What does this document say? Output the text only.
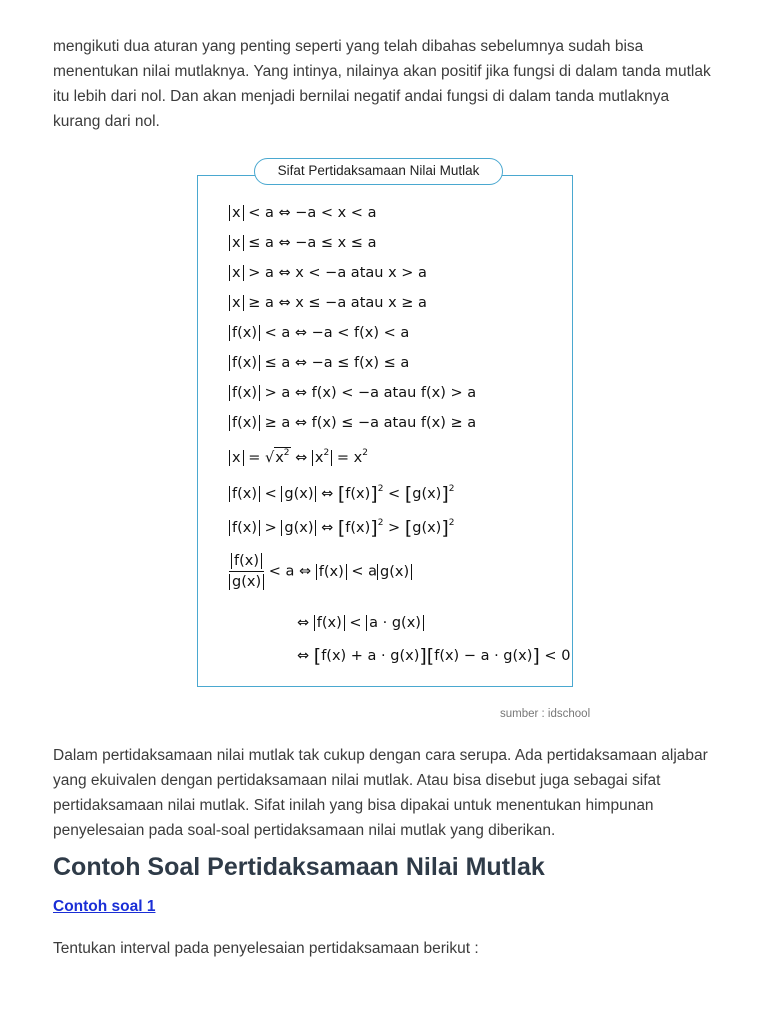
mengikuti dua aturan yang penting seperti yang telah dibahas sebelumnya sudah bisa menentukan nilai mutlaknya. Yang intinya, nilainya akan positif jika fungsi di dalam tanda mutlak itu lebih dari nol. Dan akan menjadi bernilai negatif andai fungsi di dalam tanda mutlaknya kurang dari nol.

Sifat Pertidaksamaan Nilai Mutlak
x < a ⇔ −a < x < a
x ≤ a ⇔ −a ≤ x ≤ a
x > a ⇔ x < −a atau x > a
x ≥ a ⇔ x ≤ −a atau x ≥ a
f(x) < a ⇔ −a < f(x) < a
f(x) ≤ a ⇔ −a ≤ f(x) ≤ a
f(x) > a ⇔ f(x) < −a atau f(x) > a
f(x) ≥ a ⇔ f(x) ≤ −a atau f(x) ≥ a
$x = √x^2$ ⇔ $x^2 = x^2$
f(x) < g(x) ⇔ $[f(x)]^2 < [g(x)]^2$
f(x) > g(x) ⇔ $[f(x)]^2 > [g(x)]^2$
$\frac{f(x)}{g(x)} < a$ ⇔ f(x) < a g(x)
⇔ f(x) < a · g(x)
⇔ [f(x) + a · g(x)][f(x) − a · g(x)] < 0
sumber : idschool

Dalam pertidaksamaan nilai mutlak tak cukup dengan cara serupa. Ada pertidaksamaan aljabar yang ekuivalen dengan pertidaksamaan nilai mutlak. Atau bisa disebut juga sebagai sifat pertidaksamaan nilai mutlak. Sifat inilah yang bisa dipakai untuk menentukan himpunan penyelesaian pada soal-soal pertidaksamaan nilai mutlak yang diberikan.

Contoh Soal Pertidaksamaan Nilai Mutlak
Contoh soal 1

Tentukan interval pada penyelesaian pertidaksamaan berikut :
